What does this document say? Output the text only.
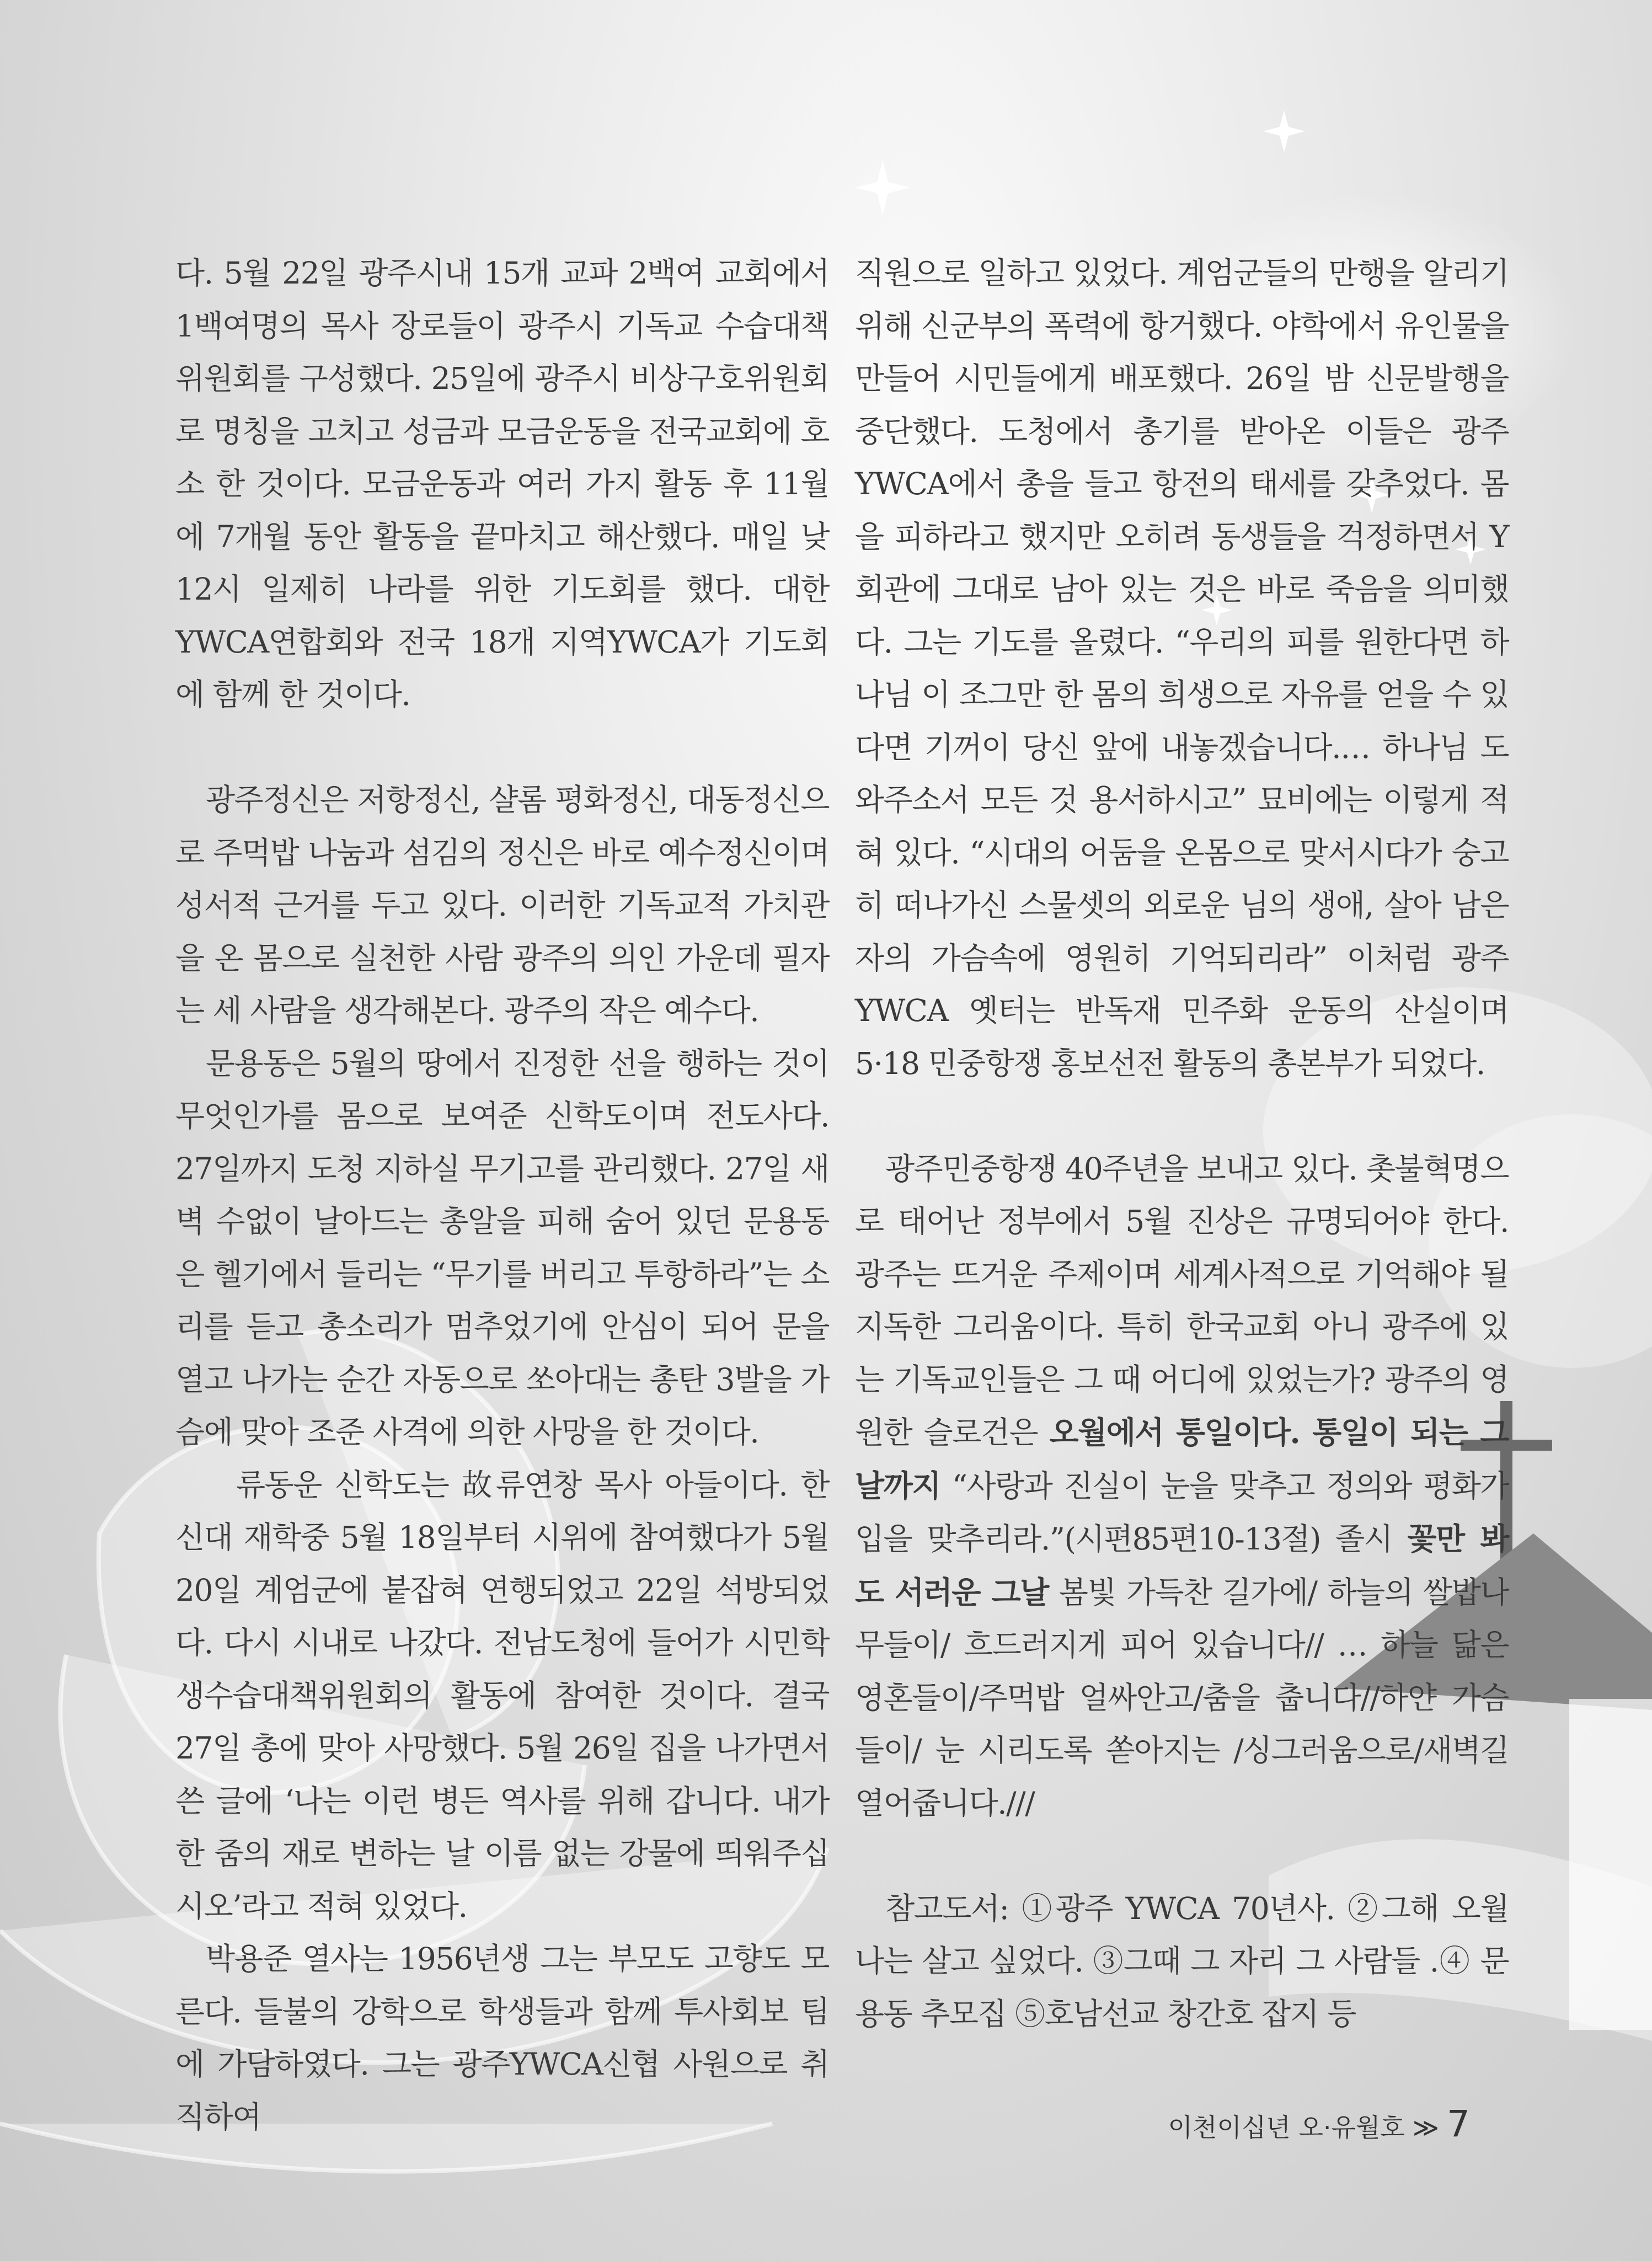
다. 5월 22일 광주시내 15개 교파 2백여 교회에서 1백여명의 목사 장로들이 광주시 기독교 수습대책위원회를 구성했다. 25일에 광주시 비상구호위원회로 명칭을 고치고 성금과 모금운동을 전국교회에 호소 한 것이다. 모금운동과 여러 가지 활동 후 11월에 7개월 동안 활동을 끝마치고 해산했다. 매일 낮 12시 일제히 나라를 위한 기도회를 했다. 대한YWCA연합회와 전국 18개 지역YWCA가 기도회에 함께 한 것이다.

광주정신은 저항정신, 샬롬 평화정신, 대동정신으로 주먹밥 나눔과 섬김의 정신은 바로 예수정신이며 성서적 근거를 두고 있다. 이러한 기독교적 가치관을 온 몸으로 실천한 사람 광주의 의인 가운데 필자는 세 사람을 생각해본다. 광주의 작은 예수다.

문용동은 5월의 땅에서 진정한 선을 행하는 것이 무엇인가를 몸으로 보여준 신학도이며 전도사다. 27일까지 도청 지하실 무기고를 관리했다. 27일 새벽 수없이 날아드는 총알을 피해 숨어 있던 문용동은 헬기에서 들리는 “무기를 버리고 투항하라”는 소리를 듣고 총소리가 멈추었기에 안심이 되어 문을 열고 나가는 순간 자동으로 쏘아대는 총탄 3발을 가슴에 맞아 조준 사격에 의한 사망을 한 것이다.

류동운 신학도는 故류연창 목사 아들이다. 한신대 재학중 5월 18일부터 시위에 참여했다가 5월 20일 계엄군에 붙잡혀 연행되었고 22일 석방되었다. 다시 시내로 나갔다. 전남도청에 들어가 시민학생수습대책위원회의 활동에 참여한 것이다. 결국 27일 총에 맞아 사망했다. 5월 26일 집을 나가면서 쓴 글에 ‘나는 이런 병든 역사를 위해 갑니다. 내가 한 줌의 재로 변하는 날 이름 없는 강물에 띄워주십시오’라고 적혀 있었다.

박용준 열사는 1956년생 그는 부모도 고향도 모른다. 들불의 강학으로 학생들과 함께 투사회보 팀에 가담하였다. 그는 광주YWCA신협 사원으로 취직하여

직원으로 일하고 있었다. 계엄군들의 만행을 알리기 위해 신군부의 폭력에 항거했다. 야학에서 유인물을 만들어 시민들에게 배포했다. 26일 밤 신문발행을 중단했다. 도청에서 총기를 받아온 이들은 광주YWCA에서 총을 들고 항전의 태세를 갖추었다. 몸을 피하라고 했지만 오히려 동생들을 걱정하면서 Y회관에 그대로 남아 있는 것은 바로 죽음을 의미했다. 그는 기도를 올렸다. “우리의 피를 원한다면 하나님 이 조그만 한 몸의 희생으로 자유를 얻을 수 있다면 기꺼이 당신 앞에 내놓겠습니다.… 하나님 도와주소서 모든 것 용서하시고” 묘비에는 이렇게 적혀 있다. “시대의 어둠을 온몸으로 맞서시다가 숭고히 떠나가신 스물셋의 외로운 님의 생애, 살아 남은자의 가슴속에 영원히 기억되리라” 이처럼 광주YWCA 옛터는 반독재 민주화 운동의 산실이며 5·18 민중항쟁 홍보선전 활동의 총본부가 되었다.

광주민중항쟁 40주년을 보내고 있다. 촛불혁명으로 태어난 정부에서 5월 진상은 규명되어야 한다. 광주는 뜨거운 주제이며 세계사적으로 기억해야 될 지독한 그리움이다. 특히 한국교회 아니 광주에 있는 기독교인들은 그 때 어디에 있었는가? 광주의 영원한 슬로건은 오월에서 통일이다. 통일이 되는 그 날까지 “사랑과 진실이 눈을 맞추고 정의와 평화가 입을 맞추리라.”(시편85편10-13절) 졸시 꽃만 봐도 서러운 그날 봄빛 가득찬 길가에/ 하늘의 쌀밥나무들이/ 흐드러지게 피어 있습니다// … 하늘 닮은 영혼들이/주먹밥 얼싸안고/춤을 춥니다//하얀 가슴들이/ 눈 시리도록 쏟아지는 /싱그러움으로/새벽길 열어줍니다.///

참고도서: ①광주 YWCA 70년사. ②그해 오월 나는 살고 싶었다. ③그때 그 자리 그 사람들 .④ 문용동 추모집 ⑤호남선교 창간호 잡지 등

이천이십년 오·유월호 ≫ 7
